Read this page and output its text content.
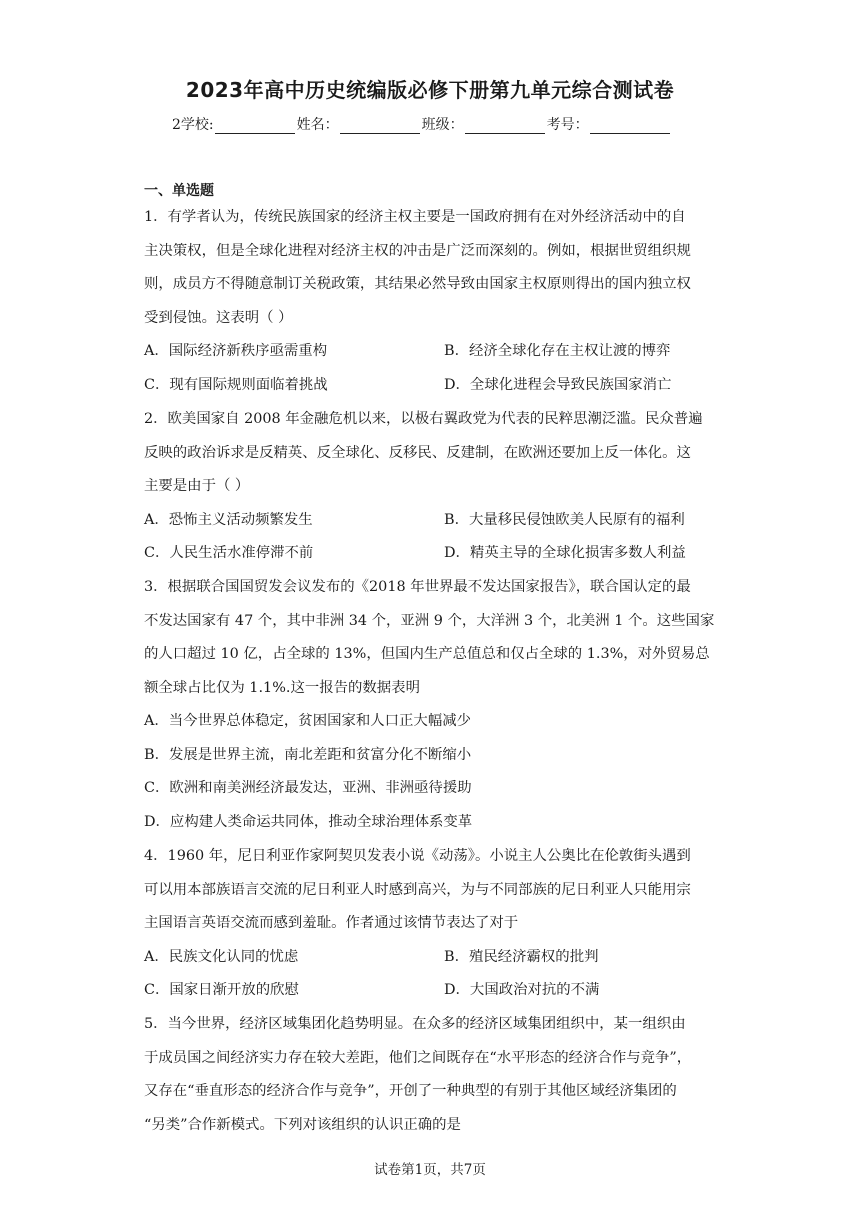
2023年高中历史统编版必修下册第九单元综合测试卷
2学校:	姓名：	班级：	考号：
一、单选题
1．有学者认为，传统民族国家的经济主权主要是一国政府拥有在对外经济活动中的自
主决策权，但是全球化进程对经济主权的冲击是广泛而深刻的。例如，根据世贸组织规
则，成员方不得随意制订关税政策，其结果必然导致由国家主权原则得出的国内独立权
受到侵蚀。这表明（ ）
A．国际经济新秩序亟需重构	B．经济全球化存在主权让渡的博弈
C．现有国际规则面临着挑战	D．全球化进程会导致民族国家消亡
2．欧美国家自 2008 年金融危机以来，以极右翼政党为代表的民粹思潮泛滥。民众普遍
反映的政治诉求是反精英、反全球化、反移民、反建制，在欧洲还要加上反一体化。这
主要是由于（ ）
A．恐怖主义活动频繁发生	B．大量移民侵蚀欧美人民原有的福利
C．人民生活水准停滞不前	D．精英主导的全球化损害多数人利益
3．根据联合国国贸发会议发布的《2018 年世界最不发达国家报告》，联合国认定的最
不发达国家有 47 个，其中非洲 34 个，亚洲 9 个，大洋洲 3 个，北美洲 1 个。这些国家
的人口超过 10 亿，占全球的 13%，但国内生产总值总和仅占全球的 1.3%，对外贸易总
额全球占比仅为 1.1%.这一报告的数据表明
A．当今世界总体稳定，贫困国家和人口正大幅减少
B．发展是世界主流，南北差距和贫富分化不断缩小
C．欧洲和南美洲经济最发达，亚洲、非洲亟待援助
D．应构建人类命运共同体，推动全球治理体系变革
4．1960 年，尼日利亚作家阿契贝发表小说《动荡》。小说主人公奥比在伦敦街头遇到
可以用本部族语言交流的尼日利亚人时感到高兴，为与不同部族的尼日利亚人只能用宗
主国语言英语交流而感到羞耻。作者通过该情节表达了对于
A．民族文化认同的忧虑	B．殖民经济霸权的批判
C．国家日渐开放的欣慰	D．大国政治对抗的不满
5．当今世界，经济区域集团化趋势明显。在众多的经济区域集团组织中，某一组织由
于成员国之间经济实力存在较大差距，他们之间既存在“水平形态的经济合作与竞争”，
又存在“垂直形态的经济合作与竞争”，开创了一种典型的有别于其他区域经济集团的
“另类”合作新模式。下列对该组织的认识正确的是
试卷第1页，共7页
